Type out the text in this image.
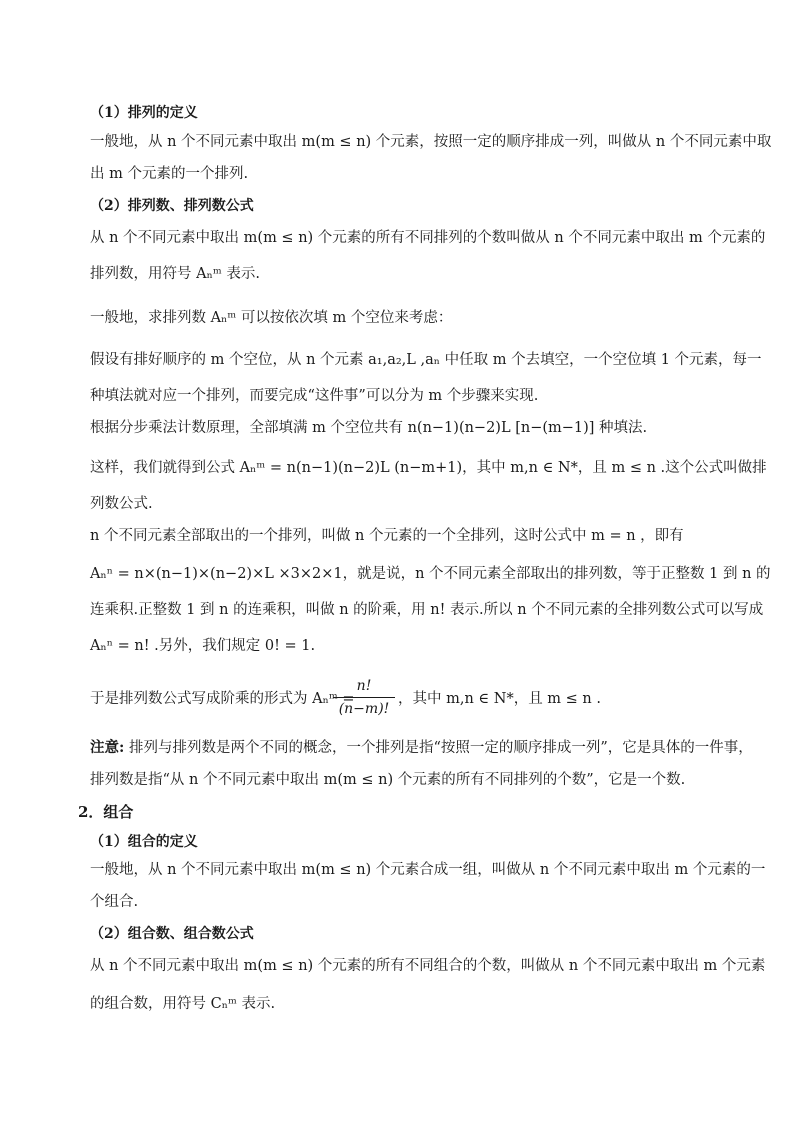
（1）排列的定义
一般地，从 n 个不同元素中取出 m(m ≤ n) 个元素，按照一定的顺序排成一列，叫做从 n 个不同元素中取
出 m 个元素的一个排列.
（2）排列数、排列数公式
从 n 个不同元素中取出 m(m ≤ n) 个元素的所有不同排列的个数叫做从 n 个不同元素中取出 m 个元素的
排列数，用符号 Aₙᵐ 表示.
一般地，求排列数 Aₙᵐ 可以按依次填 m 个空位来考虑：
假设有排好顺序的 m 个空位，从 n 个元素 a₁,a₂,L ,aₙ 中任取 m 个去填空，一个空位填 1 个元素，每一
种填法就对应一个排列，而要完成“这件事”可以分为 m 个步骤来实现.
根据分步乘法计数原理，全部填满 m 个空位共有 n(n−1)(n−2)L [n−(m−1)] 种填法.
这样，我们就得到公式 Aₙᵐ = n(n−1)(n−2)L (n−m+1)，其中 m,n ∈ N*，且 m ≤ n .这个公式叫做排
列数公式.
n 个不同元素全部取出的一个排列，叫做 n 个元素的一个全排列，这时公式中 m = n ，即有
Aₙⁿ = n×(n−1)×(n−2)×L ×3×2×1，就是说，n 个不同元素全部取出的排列数，等于正整数 1 到 n 的
连乘积.正整数 1 到 n 的连乘积，叫做 n 的阶乘，用 n! 表示.所以 n 个不同元素的全排列数公式可以写成
Aₙⁿ = n! .另外，我们规定 0! = 1.
于是排列数公式写成阶乘的形式为 Aₙᵐ =
n!
(n−m)!
，其中 m,n ∈ N*，且 m ≤ n .
注意: 排列与排列数是两个不同的概念，一个排列是指“按照一定的顺序排成一列”，它是具体的一件事，
排列数是指“从 n 个不同元素中取出 m(m ≤ n) 个元素的所有不同排列的个数”，它是一个数.
2．组合
（1）组合的定义
一般地，从 n 个不同元素中取出 m(m ≤ n) 个元素合成一组，叫做从 n 个不同元素中取出 m 个元素的一
个组合.
（2）组合数、组合数公式
从 n 个不同元素中取出 m(m ≤ n) 个元素的所有不同组合的个数，叫做从 n 个不同元素中取出 m 个元素
的组合数，用符号 Cₙᵐ 表示.
